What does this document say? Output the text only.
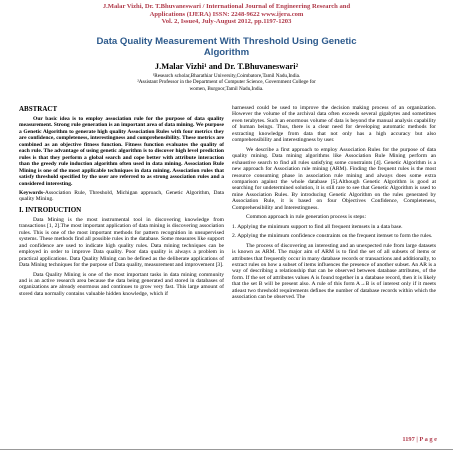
J.Malar Vizhi, Dr. T.Bhuvaneswari / International Journal of Engineering Research and
Applications (IJERA) ISSN: 2248-9622 www.ijera.com
Vol. 2, Issue4, July-August 2012, pp.1197-1203
Data Quality Measurement With Threshold Using Genetic
Algorithm
J.Malar Vizhi¹ and Dr. T.Bhuvaneswari²
¹Research scholar,Bharathiar University,Coimbatore,Tamil Nadu,India.
²Assistant Professor in the Department of Computer Science, Government College for
women, Burgoor,Tamil Nadu,India.
ABSTRACT

Our basic idea is to employ association rule for the purpose of data quality measurement. Strong rule generation is an important area of data mining. We purpose a Genetic Algorithm to generate high quality Association Rules with four metrics they are confidence, completeness, interestingness and comprehensibility. These metrics are combined as an objective fitness function. Fitness function evaluates the quality of each rule. The advantage of using genetic algorithm is to discover high level prediction rules is that they perform a global search and cope better with attribute interaction than the greedy rule induction algorithm often used in data mining. Association Rule Mining is one of the most applicable techniques in data mining. Association rules that satisfy threshold specified by the user are referred to as strong association rules and a considered interesting.

Keywords-Association Rule, Threshold, Michigan approach, Genetic Algorithm, Data quality Mining.

I. INTRODUCTION

Data Mining is the most instrumental tool in discovering knowledge from transactions [1, 2].The most important application of data mining is discovering association rules. This is one of the most important methods for pattern recognition in unsupervised systems. These methods find all possible rules in the database. Some measures like support and confidence are used to indicate high quality rules. Data mining techniques can be employed in order to improve Data quality. Poor data quality is always a problem in practical applications. Data Quality Mining can be defined as the deliberate applications of Data Mining techniques for the purpose of Data quality, measurement and improvement [3].

Data Quality Mining is one of the most important tasks in data mining community and is an active research area because the data being generated and stored in databases of organizations are already enormous and continues to grow very fast. This large amount of stored data normally contains valuable hidden knowledge, which if

harnessed could be used to improve the decision making process of an organization. However the volume of the archival data often exceeds several gigabytes and sometimes even terabytes. Such an enormous volume of data is beyond the manual analysis capability of human beings. Thus, there is a clear need for developing automatic methods for extracting knowledge from data that not only has a high accuracy but also comprehensibility and interestingness by user.

We describe a first approach to employ Association Rules for the purpose of data quality mining. Data mining algorithms like Association Rule Mining perform an exhaustive search to find all rules satisfying some constraints [4]. Genetic Algorithm is a new approach for Association rule mining (ARM). Finding the frequent rules is the most resource consuming phase in association rule mining and always does some extra comparison against the whole database [5].Although Genetic Algorithm is good at searching for undetermined solution, it is still rare to see that Genetic Algorithm is used to mine Association Rules. By introducing Genetic Algorithm on the rules generated by Association Rule, it is based on four Objectives Confidence, Completeness, Comprehensibility and Interestingness.

Common approach in rule generation process is steps:

1. Applying the minimum support to find all frequent itemsets in a data base.

2. Applying the minimum confidence constraints on the frequent itemset to form the rules.

The process of discovering an interesting and an unexpected rule from large datasets is known as ARM. The major aim of ARM is to find the set of all subsets of items or attributes that frequently occur in many database records or transactions and additionally, to extract rules on how a subset of items influences the presence of another subset. An AR is a way of describing a relationship that can be observed between database attributes, of the form. If the set of attributes values A is found together in a database record, then it is likely that the set B will be present also. A rule of this form A→B is of interest only if it meets atleast two threshold requirements defines the number of database records within which the association can be observed. The

1197 | P a g e
